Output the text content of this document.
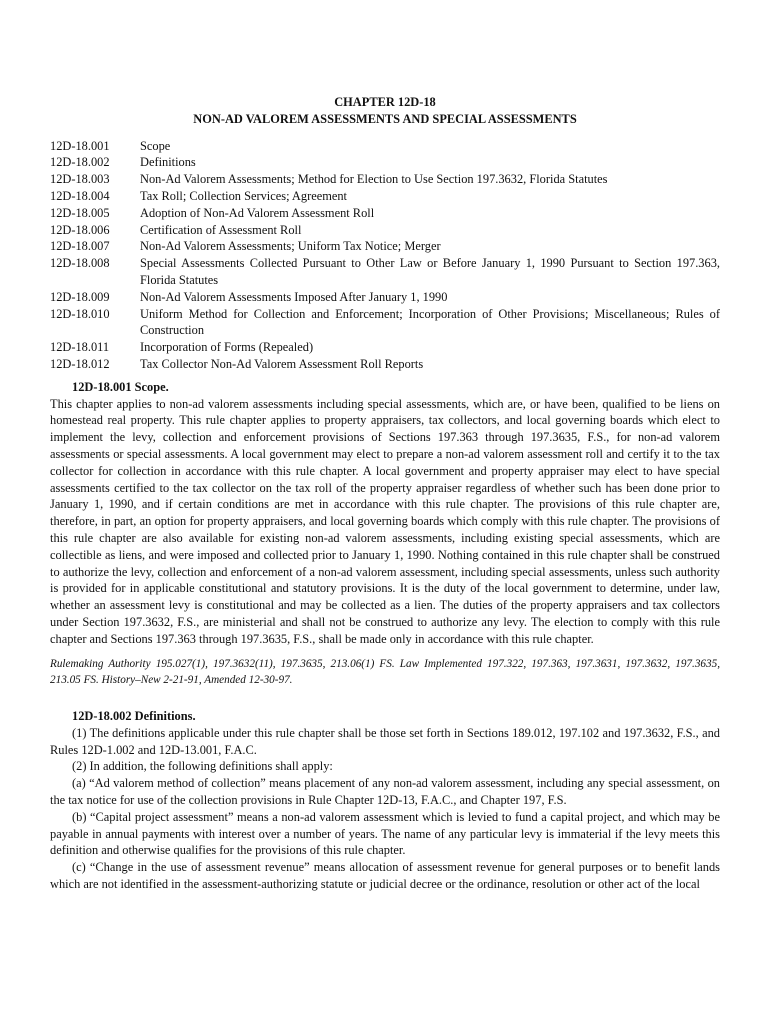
CHAPTER 12D-18

NON-AD VALOREM ASSESSMENTS AND SPECIAL ASSESSMENTS

12D-18.001	Scope
12D-18.002	Definitions
12D-18.003	Non-Ad Valorem Assessments; Method for Election to Use Section 197.3632, Florida Statutes
12D-18.004	Tax Roll; Collection Services; Agreement
12D-18.005	Adoption of Non-Ad Valorem Assessment Roll
12D-18.006	Certification of Assessment Roll
12D-18.007	Non-Ad Valorem Assessments; Uniform Tax Notice; Merger
12D-18.008	Special Assessments Collected Pursuant to Other Law or Before January 1, 1990 Pursuant to Section 197.363, Florida Statutes
12D-18.009	Non-Ad Valorem Assessments Imposed After January 1, 1990
12D-18.010	Uniform Method for Collection and Enforcement; Incorporation of Other Provisions; Miscellaneous; Rules of Construction
12D-18.011	Incorporation of Forms (Repealed)
12D-18.012	Tax Collector Non-Ad Valorem Assessment Roll Reports
12D-18.001 Scope.

This chapter applies to non-ad valorem assessments including special assessments, which are, or have been, qualified to be liens on homestead real property. This rule chapter applies to property appraisers, tax collectors, and local governing boards which elect to implement the levy, collection and enforcement provisions of Sections 197.363 through 197.3635, F.S., for non-ad valorem assessments or special assessments. A local government may elect to prepare a non-ad valorem assessment roll and certify it to the tax collector for collection in accordance with this rule chapter. A local government and property appraiser may elect to have special assessments certified to the tax collector on the tax roll of the property appraiser regardless of whether such has been done prior to January 1, 1990, and if certain conditions are met in accordance with this rule chapter. The provisions of this rule chapter are, therefore, in part, an option for property appraisers, and local governing boards which comply with this rule chapter. The provisions of this rule chapter are also available for existing non-ad valorem assessments, including existing special assessments, which are collectible as liens, and were imposed and collected prior to January 1, 1990. Nothing contained in this rule chapter shall be construed to authorize the levy, collection and enforcement of a non-ad valorem assessment, including special assessments, unless such authority is provided for in applicable constitutional and statutory provisions. It is the duty of the local government to determine, under law, whether an assessment levy is constitutional and may be collected as a lien. The duties of the property appraisers and tax collectors under Section 197.3632, F.S., are ministerial and shall not be construed to authorize any levy. The election to comply with this rule chapter and Sections 197.363 through 197.3635, F.S., shall be made only in accordance with this rule chapter.

Rulemaking Authority 195.027(1), 197.3632(11), 197.3635, 213.06(1) FS. Law Implemented 197.322, 197.363, 197.3631, 197.3632, 197.3635, 213.05 FS. History–New 2-21-91, Amended 12-30-97.

12D-18.002 Definitions.

(1) The definitions applicable under this rule chapter shall be those set forth in Sections 189.012, 197.102 and 197.3632, F.S., and Rules 12D-1.002 and 12D-13.001, F.A.C.

(2) In addition, the following definitions shall apply:

(a) “Ad valorem method of collection” means placement of any non-ad valorem assessment, including any special assessment, on the tax notice for use of the collection provisions in Rule Chapter 12D-13, F.A.C., and Chapter 197, F.S.

(b) “Capital project assessment” means a non-ad valorem assessment which is levied to fund a capital project, and which may be payable in annual payments with interest over a number of years. The name of any particular levy is immaterial if the levy meets this definition and otherwise qualifies for the provisions of this rule chapter.

(c) “Change in the use of assessment revenue” means allocation of assessment revenue for general purposes or to benefit lands which are not identified in the assessment-authorizing statute or judicial decree or the ordinance, resolution or other act of the local
